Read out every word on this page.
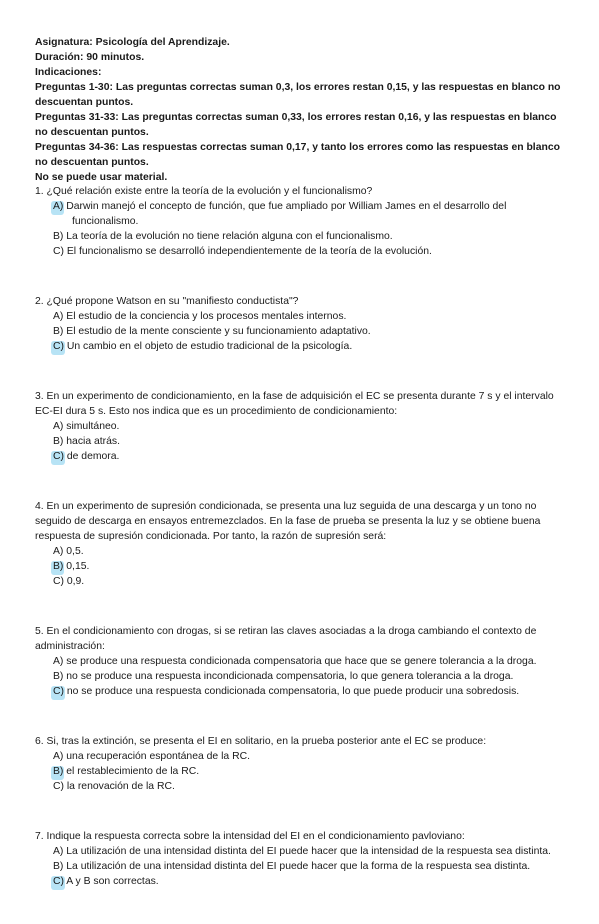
Asignatura: Psicología del Aprendizaje.
Duración: 90 minutos.
Indicaciones:
Preguntas 1-30: Las preguntas correctas suman 0,3, los errores restan 0,15, y las respuestas en blanco no descuentan puntos.
Preguntas 31-33: Las preguntas correctas suman 0,33, los errores restan 0,16, y las respuestas en blanco no descuentan puntos.
Preguntas 34-36: Las respuestas correctas suman 0,17, y tanto los errores como las respuestas en blanco no descuentan puntos.
No se puede usar material.
1. ¿Qué relación existe entre la teoría de la evolución y el funcionalismo?
A) Darwin manejó el concepto de función, que fue ampliado por William James en el desarrollo del funcionalismo.
B) La teoría de la evolución no tiene relación alguna con el funcionalismo.
C) El funcionalismo se desarrolló independientemente de la teoría de la evolución.
2. ¿Qué propone Watson en su "manifiesto conductista"?
A) El estudio de la conciencia y los procesos mentales internos.
B) El estudio de la mente consciente y su funcionamiento adaptativo.
C) Un cambio en el objeto de estudio tradicional de la psicología.
3. En un experimento de condicionamiento, en la fase de adquisición el EC se presenta durante 7 s y el intervalo EC-EI dura 5 s. Esto nos indica que es un procedimiento de condicionamiento:
A) simultáneo.
B) hacia atrás.
C) de demora.
4. En un experimento de supresión condicionada, se presenta una luz seguida de una descarga y un tono no seguido de descarga en ensayos entremezclados. En la fase de prueba se presenta la luz y se obtiene buena respuesta de supresión condicionada. Por tanto, la razón de supresión será:
A) 0,5.
B) 0,15.
C) 0,9.
5. En el condicionamiento con drogas, si se retiran las claves asociadas a la droga cambiando el contexto de administración:
A) se produce una respuesta condicionada compensatoria que hace que se genere tolerancia a la droga.
B) no se produce una respuesta incondicionada compensatoria, lo que genera tolerancia a la droga.
C) no se produce una respuesta condicionada compensatoria, lo que puede producir una sobredosis.
6. Si, tras la extinción, se presenta el EI en solitario, en la prueba posterior ante el EC se produce:
A) una recuperación espontánea de la RC.
B) el restablecimiento de la RC.
C) la renovación de la RC.
7. Indique la respuesta correcta sobre la intensidad del EI en el condicionamiento pavloviano:
A) La utilización de una intensidad distinta del EI puede hacer que la intensidad de la respuesta sea distinta.
B) La utilización de una intensidad distinta del EI puede hacer que la forma de la respuesta sea distinta.
C) A y B son correctas.
